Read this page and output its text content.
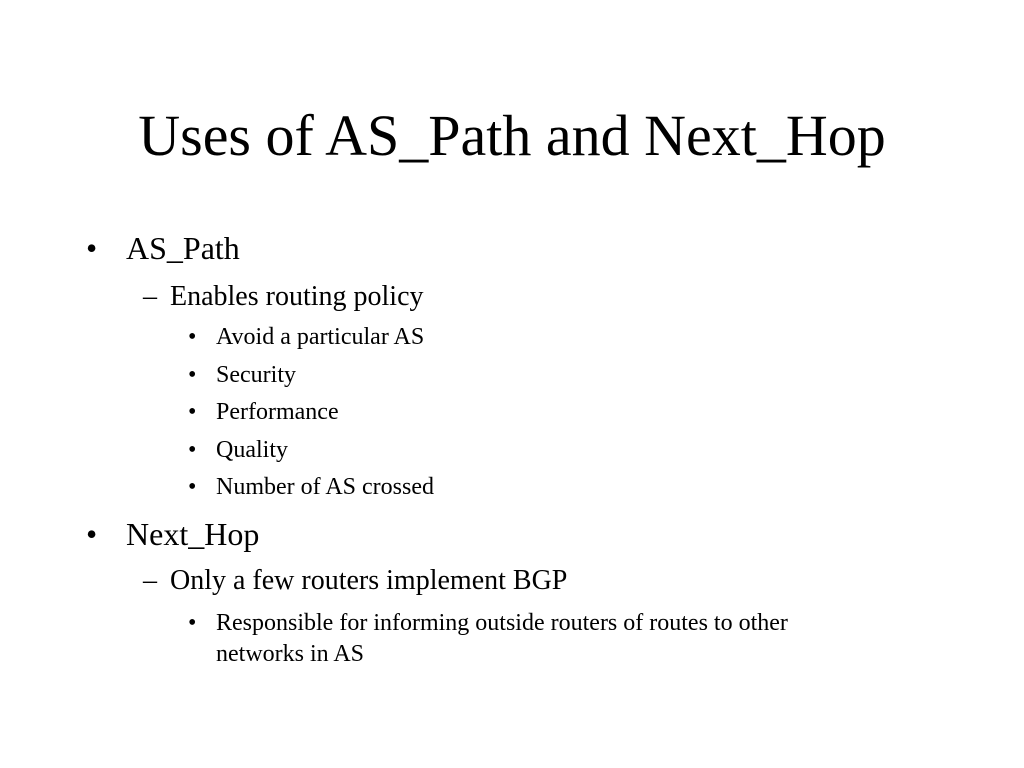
Uses of AS_Path and Next_Hop
• AS_Path
– Enables routing policy
• Avoid a particular AS
• Security
• Performance
• Quality
• Number of AS crossed
• Next_Hop
– Only a few routers implement BGP
• Responsible for informing outside routers of routes to other
networks in AS
